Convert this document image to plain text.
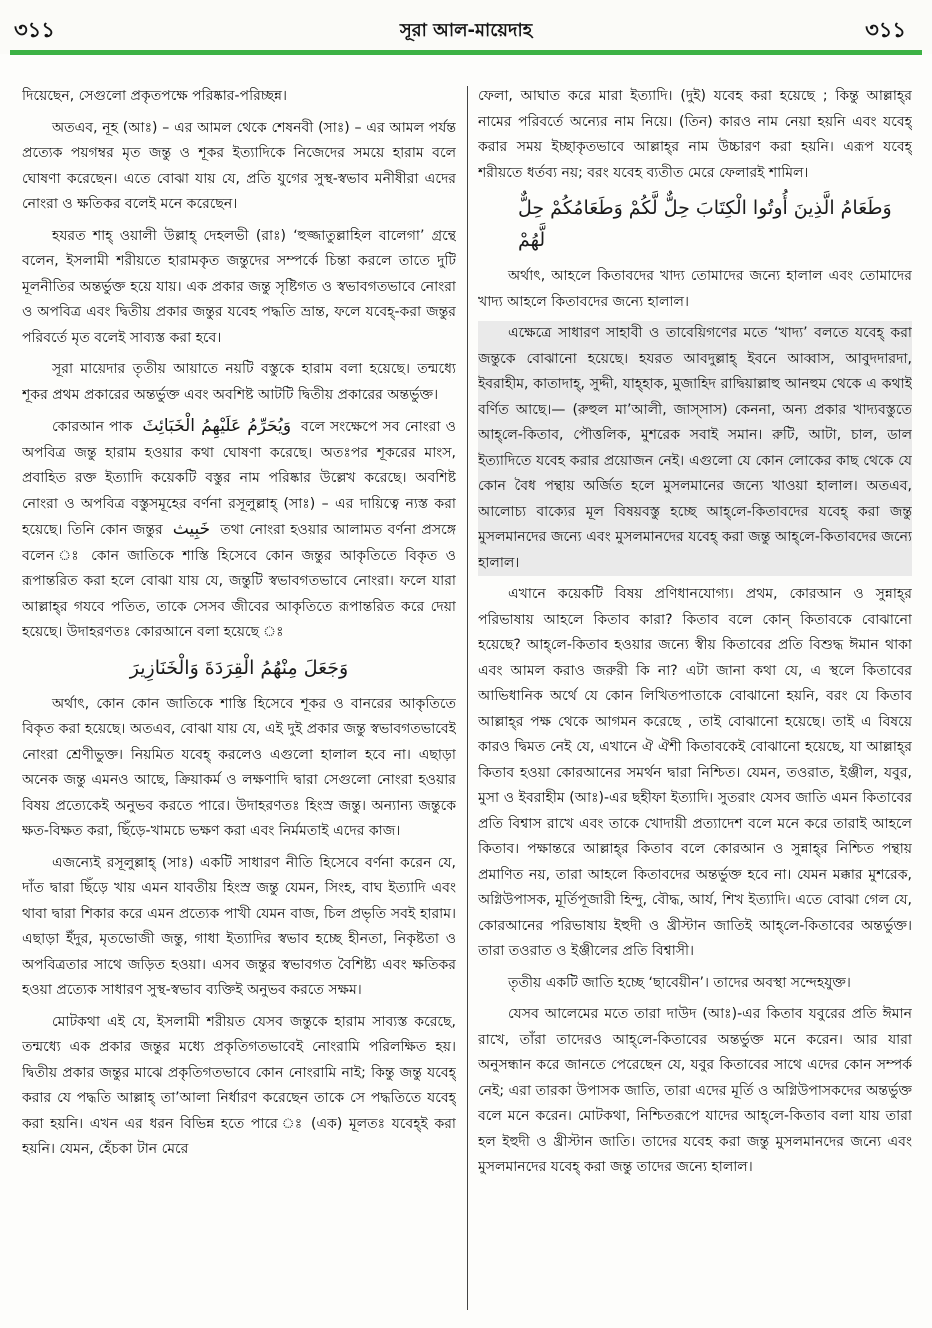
৩১১	সূরা আল-মায়েদাহ	৩১১

দিয়েছেন, সেগুলো প্রকৃতপক্ষে পরিষ্কার-পরিচ্ছন্ন।

অতএব, নূহ (আঃ) – এর আমল থেকে শেষনবী (সাঃ) – এর আমল পর্যন্ত প্রত্যেক পয়গম্বর মৃত জন্তু ও শূকর ইত্যাদিকে নিজেদের সময়ে হারাম বলে ঘোষণা করেছেন। এতে বোঝা যায় যে, প্রতি যুগের সুস্থ-স্বভাব মনীষীরা এদের নোংরা ও ক্ষতিকর বলেই মনে করেছেন।

হযরত শাহ্ ওয়ালী উল্লাহ্ দেহলভী (রাঃ) ‘হুজ্জাতুল্লাহিল বালেগা’ গ্রন্থে বলেন, ইসলামী শরীয়তে হারামকৃত জন্তুদের সম্পর্কে চিন্তা করলে তাতে দুটি মূলনীতির অন্তর্ভুক্ত হয়ে যায়। এক প্রকার জন্তু সৃষ্টিগত ও স্বভাবগতভাবে নোংরা ও অপবিত্র এবং দ্বিতীয় প্রকার জন্তুর যবেহ পদ্ধতি ভ্রান্ত, ফলে যবেহ্-করা জন্তুর পরিবর্তে মৃত বলেই সাব্যস্ত করা হবে।

সূরা মায়েদার তৃতীয় আয়াতে নয়টি বস্তুকে হারাম বলা হয়েছে। তন্মধ্যে শূকর প্রথম প্রকারের অন্তর্ভুক্ত এবং অবশিষ্ট আটটি দ্বিতীয় প্রকারের অন্তর্ভুক্ত।

কোরআন পাক وَيُحَرِّمُ عَلَيْهِمُ الْخَبَائِثَ বলে সংক্ষেপে সব নোংরা ও অপবিত্র জন্তু হারাম হওয়ার কথা ঘোষণা করেছে। অতঃপর শূকরের মাংস, প্রবাহিত রক্ত ইত্যাদি কয়েকটি বস্তুর নাম পরিষ্কার উল্লেখ করেছে। অবশিষ্ট নোংরা ও অপবিত্র বস্তুসমূহের বর্ণনা রসূলুল্লাহ্ (সাঃ) – এর দায়িত্বে ন্যস্ত করা হয়েছে। তিনি কোন জন্তুর خَبِيث তথা নোংরা হওয়ার আলামত বর্ণনা প্রসঙ্গে বলেন ঃ কোন জাতিকে শাস্তি হিসেবে কোন জন্তুর আকৃতিতে বিকৃত ও রূপান্তরিত করা হলে বোঝা যায় যে, জন্তুটি স্বভাবগতভাবে নোংরা। ফলে যারা আল্লাহ্‌র গযবে পতিত, তাকে সেসব জীবের আকৃতিতে রূপান্তরিত করে দেয়া হয়েছে। উদাহরণতঃ কোরআনে বলা হয়েছে ঃ

وَجَعَلَ مِنْهُمُ الْقِرَدَةَ وَالْخَنَازِيرَ

অর্থাৎ, কোন কোন জাতিকে শাস্তি হিসেবে শূকর ও বানরের আকৃতিতে বিকৃত করা হয়েছে। অতএব, বোঝা যায় যে, এই দুই প্রকার জন্তু স্বভাবগতভাবেই নোংরা শ্রেণীভুক্ত। নিয়মিত যবেহ্ করলেও এগুলো হালাল হবে না। এছাড়া অনেক জন্তু এমনও আছে, ক্রিয়াকর্ম ও লক্ষণাদি দ্বারা সেগুলো নোংরা হওয়ার বিষয় প্রত্যেকেই অনুভব করতে পারে। উদাহরণতঃ হিংস্র জন্তু। অন্যান্য জন্তুকে ক্ষত-বিক্ষত করা, ছিঁড়ে-খামচে ভক্ষণ করা এবং নির্মমতাই এদের কাজ।

এজন্যেই রসূলুল্লাহ্ (সাঃ) একটি সাধারণ নীতি হিসেবে বর্ণনা করেন যে, দাঁত দ্বারা ছিঁড়ে খায় এমন যাবতীয় হিংস্র জন্তু যেমন, সিংহ, বাঘ ইত্যাদি এবং থাবা দ্বারা শিকার করে এমন প্রত্যেক পাখী যেমন বাজ, চিল প্রভৃতি সবই হারাম। এছাড়া ইঁদুর, মৃতভোজী জন্তু, গাধা ইত্যাদির স্বভাব হচ্ছে হীনতা, নিকৃষ্টতা ও অপবিত্রতার সাথে জড়িত হওয়া। এসব জন্তুর স্বভাবগত বৈশিষ্ট্য এবং ক্ষতিকর হওয়া প্রত্যেক সাধারণ সুস্থ-স্বভাব ব্যক্তিই অনুভব করতে সক্ষম।

মোটকথা এই যে, ইসলামী শরীয়ত যেসব জন্তুকে হারাম সাব্যস্ত করেছে, তন্মধ্যে এক প্রকার জন্তুর মধ্যে প্রকৃতিগতভাবেই নোংরামি পরিলক্ষিত হয়। দ্বিতীয় প্রকার জন্তুর মাঝে প্রকৃতিগতভাবে কোন নোংরামি নাই; কিন্তু জন্তু যবেহ্ করার যে পদ্ধতি আল্লাহ্ তা’আলা নির্ধারণ করেছেন তাকে সে পদ্ধতিতে যবেহ্ করা হয়নি। এখন এর ধরন বিভিন্ন হতে পারে ঃ (এক) মূলতঃ যবেহ্ই করা হয়নি। যেমন, হেঁচকা টান মেরে

ফেলা, আঘাত করে মারা ইত্যাদি। (দুই) যবেহ করা হয়েছে ; কিন্তু আল্লাহ্‌র নামের পরিবর্তে অন্যের নাম নিয়ে। (তিন) কারও নাম নেয়া হয়নি এবং যবেহ্ করার সময় ইচ্ছাকৃতভাবে আল্লাহ্‌র নাম উচ্চারণ করা হয়নি। এরূপ যবেহ্ শরীয়তে ধর্তব্য নয়; বরং যবেহ ব্যতীত মেরে ফেলারই শামিল।

وَطَعَامُ الَّذِينَ أُوتُوا الْكِتَابَ حِلٌّ لَّكُمْ وَطَعَامُكُمْ حِلٌّ لَّهُمْ

অর্থাৎ, আহলে কিতাবদের খাদ্য তোমাদের জন্যে হালাল এবং তোমাদের খাদ্য আহলে কিতাবদের জন্যে হালাল।

এক্ষেত্রে সাধারণ সাহাবী ও তাবেয়িগণের মতে ‘খাদ্য’ বলতে যবেহ্ করা জন্তুকে বোঝানো হয়েছে। হযরত আবদুল্লাহ্ ইবনে আব্বাস, আবুদদারদা, ইবরাহীম, কাতাদাহ্, সুদ্দী, যাহ্হাক, মুজাহিদ রাদ্বিয়াল্লাহু আনহুম থেকে এ কথাই বর্ণিত আছে।— (রুহুল মা’আলী, জাস্সাস) কেননা, অন্য প্রকার খাদ্যবস্তুতে আহ্‌লে-কিতাব, পৌত্তলিক, মুশরেক সবাই সমান। রুটি, আটা, চাল, ডাল ইত্যাদিতে যবেহ করার প্রয়োজন নেই। এগুলো যে কোন লোকের কাছ থেকে যে কোন বৈধ পন্থায় অর্জিত হলে মুসলমানের জন্যে খাওয়া হালাল। অতএব, আলোচ্য বাক্যের মূল বিষয়বস্তু হচ্ছে আহ্‌লে-কিতাবদের যবেহ্ করা জন্তু মুসলমানদের জন্যে এবং মুসলমানদের যবেহ্ করা জন্তু আহ্‌লে-কিতাবদের জন্যে হালাল।

এখানে কয়েকটি বিষয় প্রণিধানযোগ্য। প্রথম, কোরআন ও সুন্নাহ্‌র পরিভাষায় আহলে কিতাব কারা? কিতাব বলে কোন্ কিতাবকে বোঝানো হয়েছে? আহ্‌লে-কিতাব হওয়ার জন্যে স্বীয় কিতাবের প্রতি বিশুদ্ধ ঈমান থাকা এবং আমল করাও জরুরী কি না? এটা জানা কথা যে, এ স্থলে কিতাবের আভিধানিক অর্থে যে কোন লিখিতপাতাকে বোঝানো হয়নি, বরং যে কিতাব আল্লাহ্‌র পক্ষ থেকে আগমন করেছে , তাই বোঝানো হয়েছে। তাই এ বিষয়ে কারও দ্বিমত নেই যে, এখানে ঐ ঐশী কিতাবকেই বোঝানো হয়েছে, যা আল্লাহ্‌র কিতাব হওয়া কোরআনের সমর্থন দ্বারা নিশ্চিত। যেমন, তওরাত, ইঞ্জীল, যবুর, মুসা ও ইবরাহীম (আঃ)-এর ছহীফা ইত্যাদি। সুতরাং যেসব জাতি এমন কিতাবের প্রতি বিশ্বাস রাখে এবং তাকে খোদায়ী প্রত্যাদেশ বলে মনে করে তারাই আহলে কিতাব। পক্ষান্তরে আল্লাহ্‌র কিতাব বলে কোরআন ও সুন্নাহ্‌র নিশ্চিত পন্থায় প্রমাণিত নয়, তারা আহলে কিতাবদের অন্তর্ভুক্ত হবে না। যেমন মক্কার মুশরেক, অগ্নিউপাসক, মূর্তিপূজারী হিন্দু, বৌদ্ধ, আর্য, শিখ ইত্যাদি। এতে বোঝা গেল যে, কোরআনের পরিভাষায় ইহুদী ও খ্রীস্টান জাতিই আহ্‌লে-কিতাবের অন্তর্ভুক্ত। তারা তওরাত ও ইঞ্জীলের প্রতি বিশ্বাসী।

তৃতীয় একটি জাতি হচ্ছে ‘ছাবেয়ীন’। তাদের অবস্থা সন্দেহযুক্ত।

যেসব আলেমের মতে তারা দাউদ (আঃ)-এর কিতাব যবুরের প্রতি ঈমান রাখে, তাঁরা তাদেরও আহ্‌লে-কিতাবের অন্তর্ভুক্ত মনে করেন। আর যারা অনুসন্ধান করে জানতে পেরেছেন যে, যবুর কিতাবের সাথে এদের কোন সম্পর্ক নেই; এরা তারকা উপাসক জাতি, তারা এদের মূর্তি ও অগ্নিউপাসকদের অন্তর্ভুক্ত বলে মনে করেন। মোটকথা, নিশ্চিতরূপে যাদের আহ্‌লে-কিতাব বলা যায় তারা হল ইহুদী ও খ্রীস্টান জাতি। তাদের যবেহ করা জন্তু মুসলমানদের জন্যে এবং মুসলমানদের যবেহ্ করা জন্তু তাদের জন্যে হালাল।
